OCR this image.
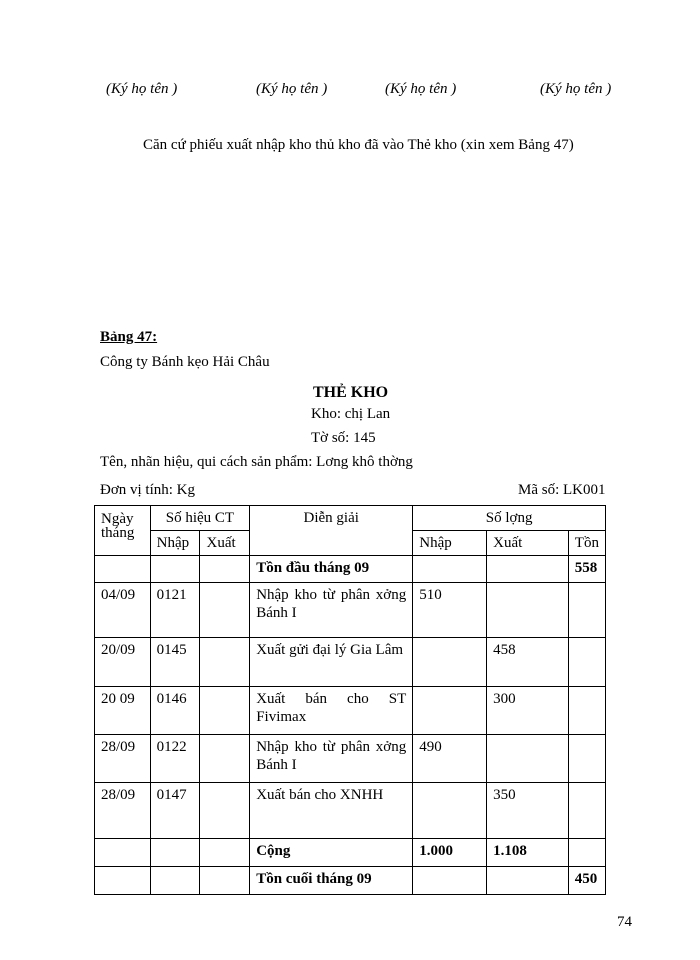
(Ký họ tên )	(Ký họ tên )	(Ký họ tên )	(Ký họ tên )
Căn cứ phiếu xuất nhập kho thủ kho đã vào Thẻ kho (xin xem Bảng 47)
Bảng 47:
Công ty Bánh kẹo Hải Châu
THẺ KHO
Kho: chị Lan
Tờ số: 145
Tên, nhãn hiệu, qui cách sản phẩm: Lơng khô thờng
Đơn vị tính: Kg	Mã số: LK001
Ngày tháng	Số hiệu CT		Diễn giải	Số lợng		
	Nhập	Xuất		Nhập	Xuất	Tồn
			Tồn đầu tháng 09			558
04/09	0121		Nhập kho từ phân xởng Bánh I	510		
20/09	0145		Xuất gửi đại lý Gia Lâm		458	
20 09	0146		Xuất bán cho ST Fivimax		300	
28/09	0122		Nhập kho từ phân xởng Bánh I	490		
28/09	0147		Xuất bán cho XNHH		350	
			Cộng	1.000	1.108	
			Tồn cuối tháng 09			450
74
